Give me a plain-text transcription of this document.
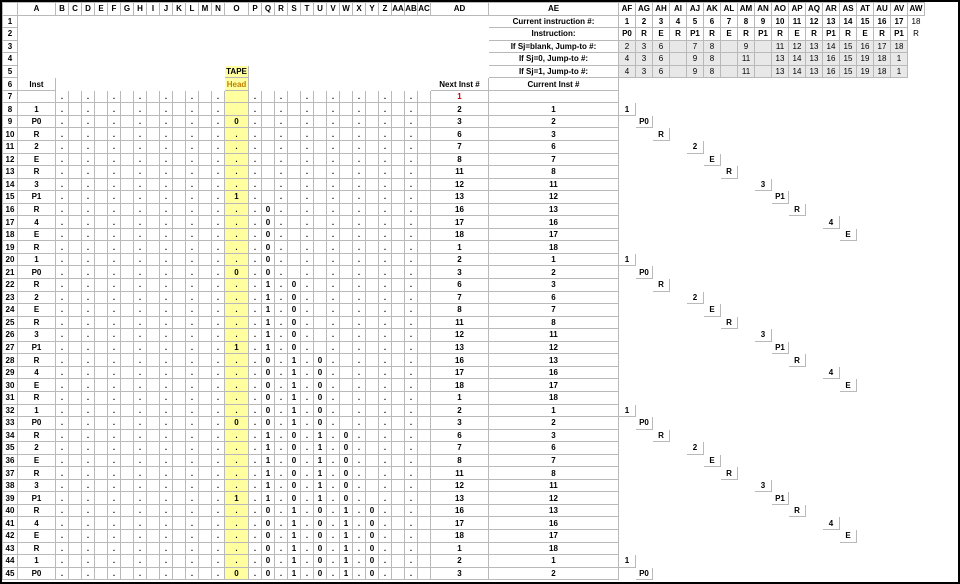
	A	B	C	D	E	F	G	H	I	J	K	L	M	N	O	P	Q	R	S	T	U	V	W	X	Y	Z	AA	AB	AC	AD	AE	AF	AG	AH	AI	AJ	AK	AL	AM	AN	AO	AP	AQ	AR	AS	AT	AU	AV	AW
1																															Current instruction #:	1	2	3	4	5	6	7	8	9	10	11	12	13	14	15	16	17	18
2																															Instruction:	P0	R	E	R	P1	R	E	R	P1	R	E	R	P1	R	E	R	P1	R
3																															If Sj=blank, Jump-to #:	2	3	6		7	8		9		11	12	13	14	15	16	17	18	
4																															If Sj=0, Jump-to #:	4	3	6		9	8		11		13	14	13	16	15	19	18	1	
5															TAPE																If Sj=1, Jump-to #:	4	3	6		9	8		11		13	14	13	16	15	19	18	1	
6	Inst														Head															Next Inst #	Current Inst #																		
7		.		.		.		.		.		.		.		.		.		.		.		.		.		.		1																			
8	1	.		.		.		.		.		.		.		.		.		.		.		.		.		.		2	1	1																	
9	P0	.		.		.		.		.		.		.	0	.		.		.		.		.		.		.		3	2		P0																
10	R	.		.		.		.		.		.		.	.	.		.		.		.		.		.		.		6	3			R															
11	2	.		.		.		.		.		.		.	.	.		.		.		.		.		.		.		7	6					2													
12	E	.		.		.		.		.		.		.	.	.		.		.		.		.		.		.		8	7						E												
13	R	.		.		.		.		.		.		.	.	.		.		.		.		.		.		.		11	8							R											
14	3	.		.		.		.		.		.		.	.	.		.		.		.		.		.		.		12	11									3									
15	P1	.		.		.		.		.		.		.	1	.		.		.		.		.		.		.		13	12										P1								
16	R	.		.		.		.		.		.		.	.	.	0	.		.		.		.		.		.		16	13											R							
17	4	.		.		.		.		.		.		.	.	.	0	.		.		.		.		.		.		17	16													4					
18	E	.		.		.		.		.		.		.	.	.	0	.		.		.		.		.		.		18	17														E				
19	R	.		.		.		.		.		.		.	.	.	0	.		.		.		.		.		.		1	18																		
20	1	.		.		.		.		.		.		.	.	.	0	.		.		.		.		.		.		2	1	1																	
21	P0	.		.		.		.		.		.		.	0	.	0	.		.		.		.		.		.		3	2		P0																
22	R	.		.		.		.		.		.		.	.	.	1	.	0	.		.		.		.		.		6	3			R															
23	2	.		.		.		.		.		.		.	.	.	1	.	0	.		.		.		.		.		7	6					2													
24	E	.		.		.		.		.		.		.	.	.	1	.	0	.		.		.		.		.		8	7						E												
25	R	.		.		.		.		.		.		.	.	.	1	.	0	.		.		.		.		.		11	8							R											
26	3	.		.		.		.		.		.		.	.	.	1	.	0	.		.		.		.		.		12	11									3									
27	P1	.		.		.		.		.		.		.	1	.	1	.	0	.		.		.		.		.		13	12										P1								
28	R	.		.		.		.		.		.		.	.	.	0	.	1	.	0	.		.		.		.		16	13											R							
29	4	.		.		.		.		.		.		.	.	.	0	.	1	.	0	.		.		.		.		17	16													4					
30	E	.		.		.		.		.		.		.	.	.	0	.	1	.	0	.		.		.		.		18	17														E				
31	R	.		.		.		.		.		.		.	.	.	0	.	1	.	0	.		.		.		.		1	18																		
32	1	.		.		.		.		.		.		.	.	.	0	.	1	.	0	.		.		.		.		2	1	1																	
33	P0	.		.		.		.		.		.		.	0	.	0	.	1	.	0	.		.		.		.		3	2		P0																
34	R	.		.		.		.		.		.		.	.	.	1	.	0	.	1	.	0	.		.		.		6	3			R															
35	2	.		.		.		.		.		.		.	.	.	1	.	0	.	1	.	0	.		.		.		7	6					2													
36	E	.		.		.		.		.		.		.	.	.	1	.	0	.	1	.	0	.		.		.		8	7						E												
37	R	.		.		.		.		.		.		.	.	.	1	.	0	.	1	.	0	.		.		.		11	8							R											
38	3	.		.		.		.		.		.		.	.	.	1	.	0	.	1	.	0	.		.		.		12	11									3									
39	P1	.		.		.		.		.		.		.	1	.	1	.	0	.	1	.	0	.		.		.		13	12										P1								
40	R	.		.		.		.		.		.		.	.	.	0	.	1	.	0	.	1	.	0	.		.		16	13											R							
41	4	.		.		.		.		.		.		.	.	.	0	.	1	.	0	.	1	.	0	.		.		17	16													4					
42	E	.		.		.		.		.		.		.	.	.	0	.	1	.	0	.	1	.	0	.		.		18	17														E				
43	R	.		.		.		.		.		.		.	.	.	0	.	1	.	0	.	1	.	0	.		.		1	18																		
44	1	.		.		.		.		.		.		.	.	.	0	.	1	.	0	.	1	.	0	.		.		2	1	1																	
45	P0	.		.		.		.		.		.		.	0	.	0	.	1	.	0	.	1	.	0	.		.		3	2		P0																
